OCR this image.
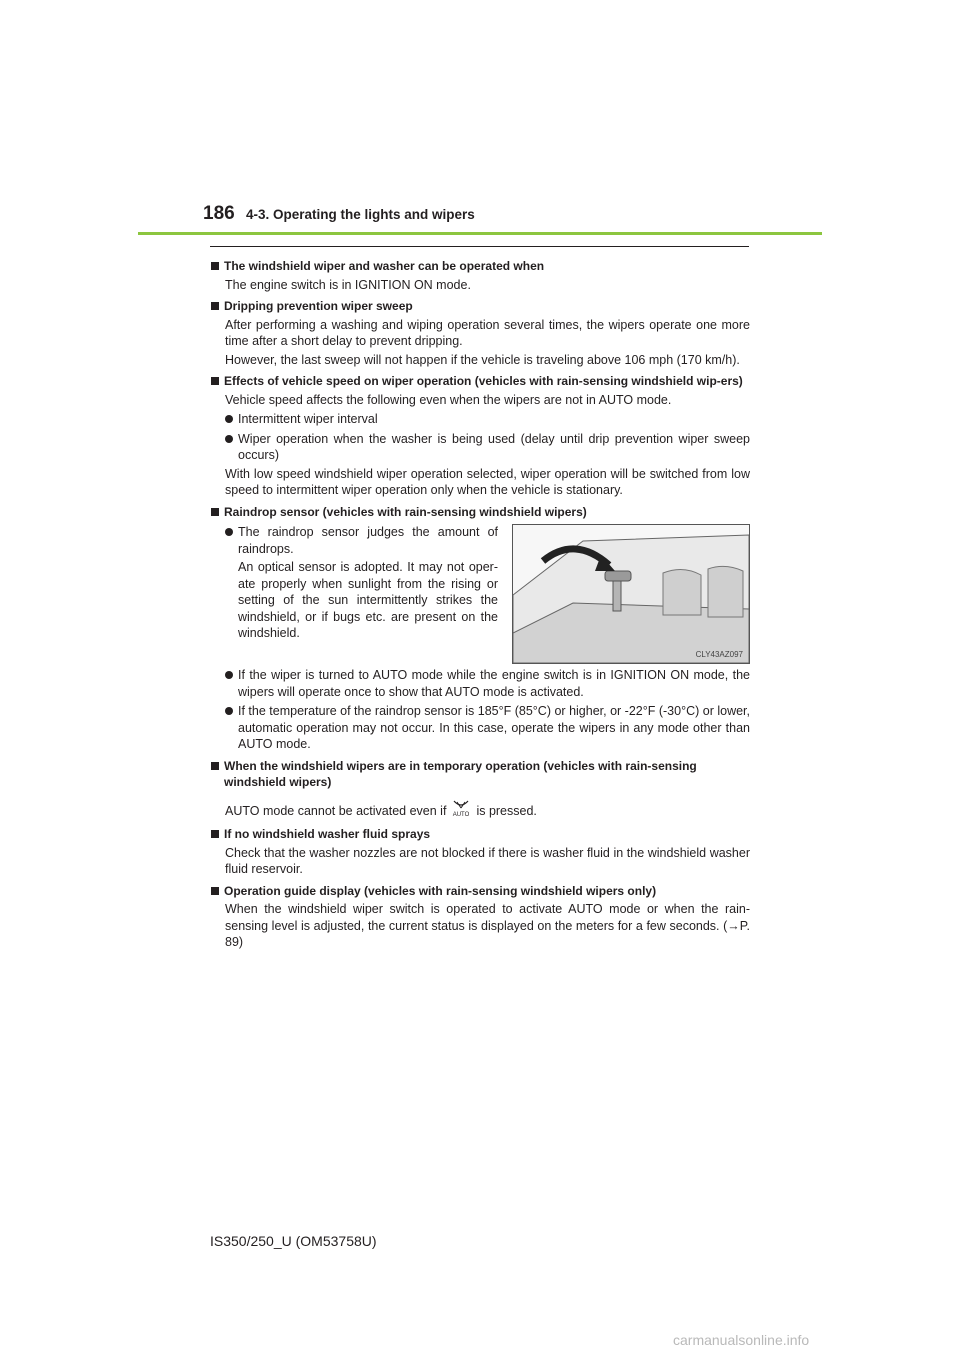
186 4-3. Operating the lights and wipers
The windshield wiper and washer can be operated when
The engine switch is in IGNITION ON mode.
Dripping prevention wiper sweep
After performing a washing and wiping operation several times, the wipers operate one more time after a short delay to prevent dripping.
However, the last sweep will not happen if the vehicle is traveling above 106 mph (170 km/h).
Effects of vehicle speed on wiper operation (vehicles with rain-sensing windshield wip-ers)
Vehicle speed affects the following even when the wipers are not in AUTO mode.
Intermittent wiper interval
Wiper operation when the washer is being used (delay until drip prevention wiper sweep occurs)
With low speed windshield wiper operation selected, wiper operation will be switched from low speed to intermittent wiper operation only when the vehicle is stationary.
Raindrop sensor (vehicles with rain-sensing windshield wipers)
The raindrop sensor judges the amount of raindrops.
An optical sensor is adopted. It may not oper-ate properly when sunlight from the rising or setting of the sun intermittently strikes the windshield, or if bugs etc. are present on the windshield.
CLY43AZ097
If the wiper is turned to AUTO mode while the engine switch is in IGNITION ON mode, the wipers will operate once to show that AUTO mode is activated.
If the temperature of the raindrop sensor is 185°F (85°C) or higher, or -22°F (-30°C) or lower, automatic operation may not occur. In this case, operate the wipers in any mode other than AUTO mode.
When the windshield wipers are in temporary operation (vehicles with rain-sensing windshield wipers)
AUTO mode cannot be activated even if AUTO is pressed.
If no windshield washer fluid sprays
Check that the washer nozzles are not blocked if there is washer fluid in the windshield washer fluid reservoir.
Operation guide display (vehicles with rain-sensing windshield wipers only)
When the windshield wiper switch is operated to activate AUTO mode or when the rain-sensing level is adjusted, the current status is displayed on the meters for a few seconds. (→P. 89)
IS350/250_U (OM53758U)
carmanualsonline.info
